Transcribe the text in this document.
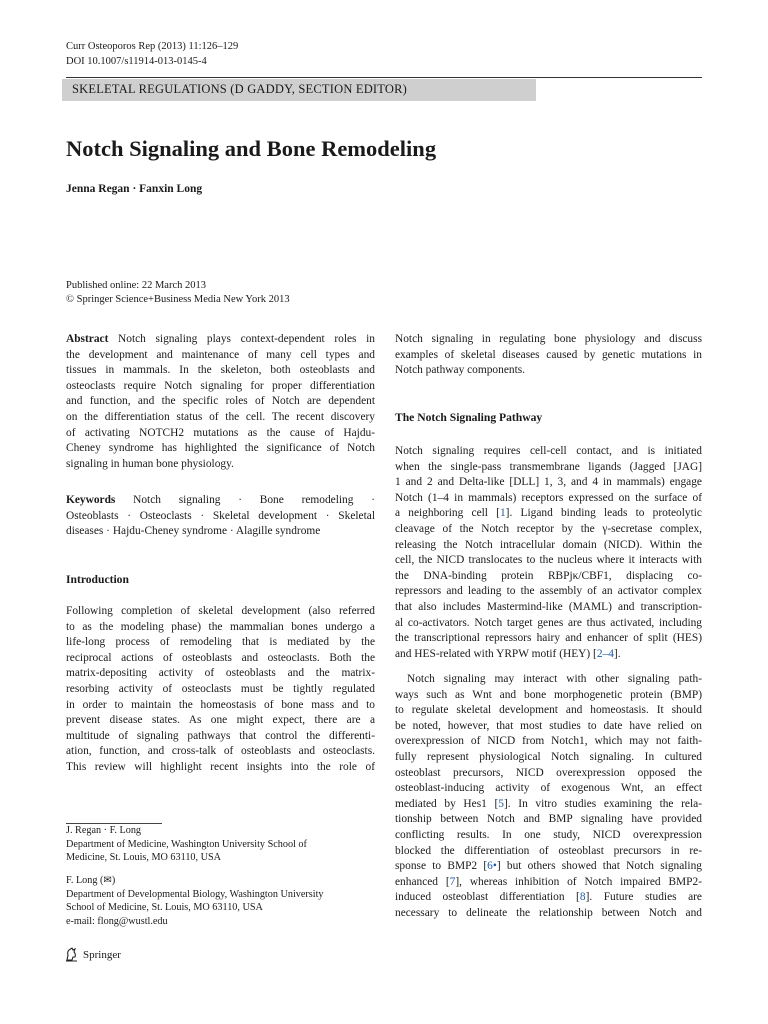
Curr Osteoporos Rep (2013) 11:126–129
DOI 10.1007/s11914-013-0145-4
SKELETAL REGULATIONS (D GADDY, SECTION EDITOR)
Notch Signaling and Bone Remodeling
Jenna Regan · Fanxin Long
Published online: 22 March 2013
© Springer Science+Business Media New York 2013
Abstract Notch signaling plays context-dependent roles in
the development and maintenance of many cell types and
tissues in mammals. In the skeleton, both osteoblasts and
osteoclasts require Notch signaling for proper differentiation
and function, and the specific roles of Notch are dependent
on the differentiation status of the cell. The recent discovery
of activating NOTCH2 mutations as the cause of Hajdu-
Cheney syndrome has highlighted the significance of Notch
signaling in human bone physiology.
Keywords Notch signaling · Bone remodeling ·
Osteoblasts · Osteoclasts · Skeletal development · Skeletal
diseases · Hajdu-Cheney syndrome · Alagille syndrome
Introduction
Following completion of skeletal development (also referred
to as the modeling phase) the mammalian bones undergo a
life-long process of remodeling that is mediated by the
reciprocal actions of osteoblasts and osteoclasts. Both the
matrix-depositing activity of osteoblasts and the matrix-
resorbing activity of osteoclasts must be tightly regulated
in order to maintain the homeostasis of bone mass and to
prevent disease states. As one might expect, there are a
multitude of signaling pathways that control the differenti-
ation, function, and cross-talk of osteoblasts and osteoclasts.
This review will highlight recent insights into the role of
J. Regan · F. Long
Department of Medicine, Washington University School of
Medicine, St. Louis, MO 63110, USA
F. Long (✉)
Department of Developmental Biology, Washington University
School of Medicine, St. Louis, MO 63110, USA
e-mail: flong@wustl.edu
Notch signaling in regulating bone physiology and discuss
examples of skeletal diseases caused by genetic mutations in
Notch pathway components.
The Notch Signaling Pathway
Notch signaling requires cell-cell contact, and is initiated
when the single-pass transmembrane ligands (Jagged [JAG]
1 and 2 and Delta-like [DLL] 1, 3, and 4 in mammals) engage
Notch (1–4 in mammals) receptors expressed on the surface of
a neighboring cell [1]. Ligand binding leads to proteolytic
cleavage of the Notch receptor by the γ-secretase complex,
releasing the Notch intracellular domain (NICD). Within the
cell, the NICD translocates to the nucleus where it interacts with
the DNA-binding protein RBPjκ/CBF1, displacing co-
repressors and leading to the assembly of an activator complex
that also includes Mastermind-like (MAML) and transcription-
al co-activators. Notch target genes are thus activated, including
the transcriptional repressors hairy and enhancer of split (HES)
and HES-related with YRPW motif (HEY) [2–4].
Notch signaling may interact with other signaling path-
ways such as Wnt and bone morphogenetic protein (BMP)
to regulate skeletal development and homeostasis. It should
be noted, however, that most studies to date have relied on
overexpression of NICD from Notch1, which may not faith-
fully represent physiological Notch signaling. In cultured
osteoblast precursors, NICD overexpression opposed the
osteoblast-inducing activity of exogenous Wnt, an effect
mediated by Hes1 [5]. In vitro studies examining the rela-
tionship between Notch and BMP signaling have provided
conflicting results. In one study, NICD overexpression
blocked the differentiation of osteoblast precursors in re-
sponse to BMP2 [6•] but others showed that Notch signaling
enhanced [7], whereas inhibition of Notch impaired BMP2-
induced osteoblast differentiation [8]. Future studies are
necessary to delineate the relationship between Notch and
Springer
